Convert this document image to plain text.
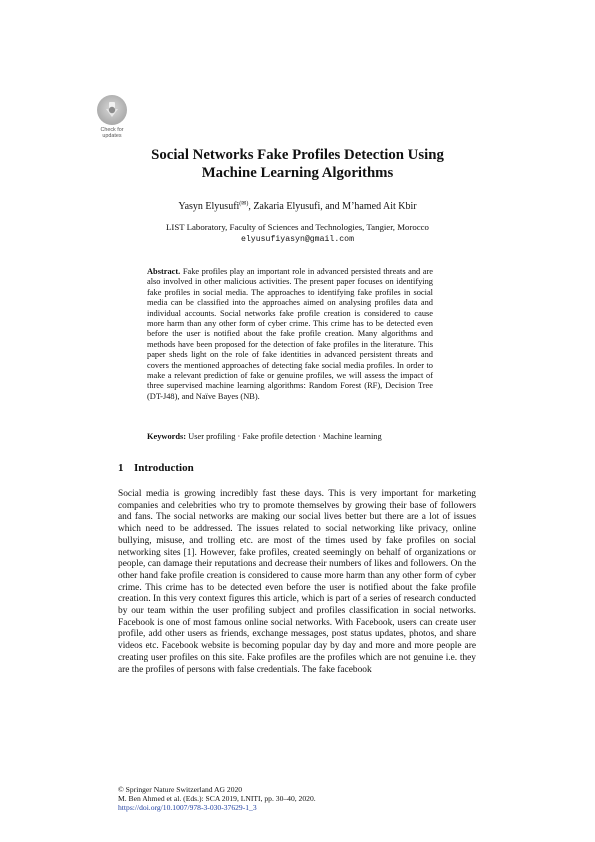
Check for updates
Social Networks Fake Profiles Detection Using
Machine Learning Algorithms
Yasyn Elyusufi(✉), Zakaria Elyusufi, and M’hamed Ait Kbir
LIST Laboratory, Faculty of Sciences and Technologies, Tangier, Morocco
elyusufiyasyn@gmail.com
Abstract. Fake profiles play an important role in advanced persisted threats and are also involved in other malicious activities. The present paper focuses on identifying fake profiles in social media. The approaches to identifying fake profiles in social media can be classified into the approaches aimed on analysing profiles data and individual accounts. Social networks fake profile creation is considered to cause more harm than any other form of cyber crime. This crime has to be detected even before the user is notified about the fake profile creation. Many algorithms and methods have been proposed for the detection of fake profiles in the literature. This paper sheds light on the role of fake identities in advanced persistent threats and covers the mentioned approaches of detecting fake social media profiles. In order to make a relevant prediction of fake or genuine profiles, we will assess the impact of three supervised machine learning algorithms: Random Forest (RF), Decision Tree (DT-J48), and Naïve Bayes (NB).
Keywords: User profiling · Fake profile detection · Machine learning
1 Introduction
Social media is growing incredibly fast these days. This is very important for marketing companies and celebrities who try to promote themselves by growing their base of followers and fans. The social networks are making our social lives better but there are a lot of issues which need to be addressed. The issues related to social networking like privacy, online bullying, misuse, and trolling etc. are most of the times used by fake profiles on social networking sites [1]. However, fake profiles, created seemingly on behalf of organizations or people, can damage their reputations and decrease their numbers of likes and followers. On the other hand fake profile creation is considered to cause more harm than any other form of cyber crime. This crime has to be detected even before the user is notified about the fake profile creation. In this very context figures this article, which is part of a series of research conducted by our team within the user profiling subject and profiles classification in social networks. Facebook is one of most famous online social networks. With Facebook, users can create user profile, add other users as friends, exchange messages, post status updates, photos, and share videos etc. Facebook website is becoming popular day by day and more and more people are creating user profiles on this site. Fake profiles are the profiles which are not genuine i.e. they are the profiles of persons with false credentials. The fake facebook
© Springer Nature Switzerland AG 2020
M. Ben Ahmed et al. (Eds.): SCA 2019, LNITI, pp. 30–40, 2020.
https://doi.org/10.1007/978-3-030-37629-1_3
